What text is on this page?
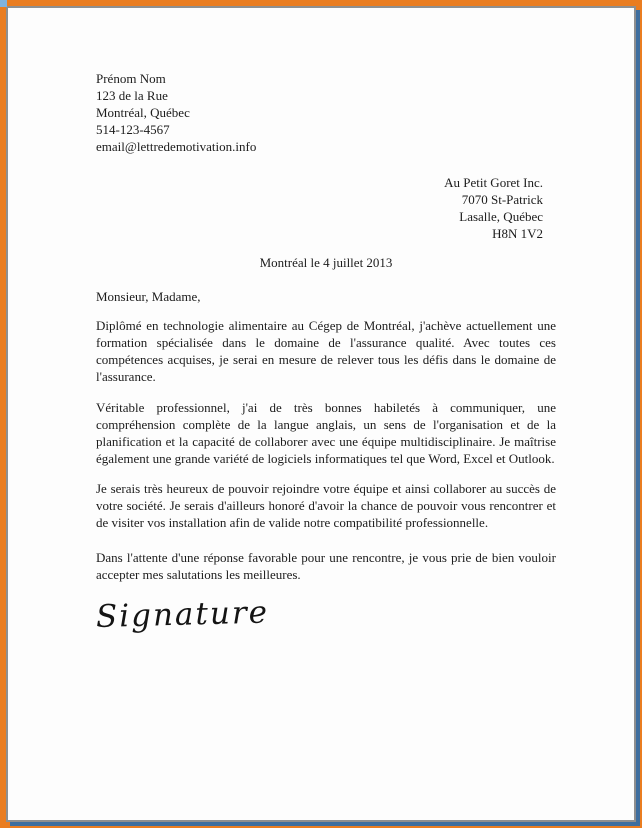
Prénom Nom
123 de la Rue
Montréal, Québec
514-123-4567
email@lettredemotivation.info
Au Petit Goret Inc.
7070 St-Patrick
Lasalle, Québec
H8N 1V2
Montréal le 4 juillet 2013
Monsieur, Madame,
Diplômé en technologie alimentaire au Cégep de Montréal, j'achève actuellement une formation spécialisée dans le domaine de l'assurance qualité. Avec toutes ces compétences acquises, je serai en mesure de relever tous les défis dans le domaine de l'assurance.
Véritable professionnel, j'ai de très bonnes habiletés à communiquer, une compréhension complète de la langue anglais, un sens de l'organisation et de la planification et la capacité de collaborer avec une équipe multidisciplinaire. Je maîtrise également une grande variété de logiciels informatiques tel que Word, Excel et Outlook.
Je serais très heureux de pouvoir rejoindre votre équipe et ainsi collaborer au succès de votre société. Je serais d'ailleurs honoré d'avoir la chance de pouvoir vous rencontrer et de visiter vos installation afin de valide notre compatibilité professionnelle.
Dans l'attente d'une réponse favorable pour une rencontre, je vous prie de bien vouloir accepter mes salutations les meilleures.
Signature
